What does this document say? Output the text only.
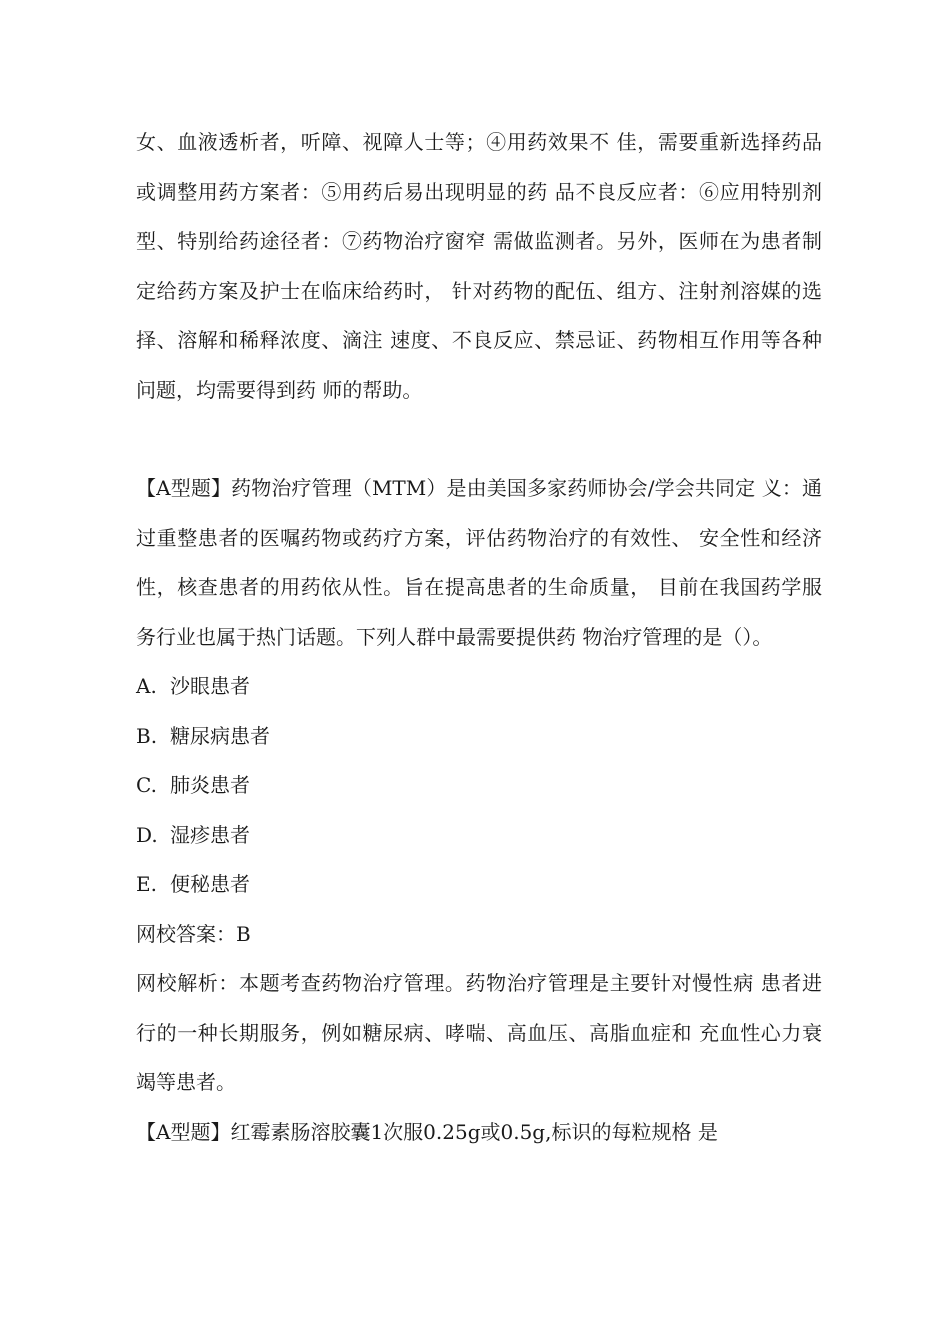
女、血液透析者，听障、视障人士等；④用药效果不 佳，需要重新选择药品或调整用药方案者：⑤用药后易出现明显的药 品不良反应者：⑥应用特别剂型、特别给药途径者：⑦药物治疗窗窄 需做监测者。另外，医师在为患者制定给药方案及护士在临床给药时， 针对药物的配伍、组方、注射剂溶媒的选择、溶解和稀释浓度、滴注 速度、不良反应、禁忌证、药物相互作用等各种问题，均需要得到药 师的帮助。

【A型题】药物治疗管理（MTM）是由美国多家药师协会/学会共同定 义：通过重整患者的医嘱药物或药疗方案，评估药物治疗的有效性、 安全性和经济性，核查患者的用药依从性。旨在提高患者的生命质量， 目前在我国药学服务行业也属于热门话题。下列人群中最需要提供药 物治疗管理的是（）。

A. 沙眼患者

B. 糖尿病患者

C. 肺炎患者

D. 湿疹患者

E. 便秘患者

网校答案：B

网校解析：本题考查药物治疗管理。药物治疗管理是主要针对慢性病 患者进行的一种长期服务，例如糖尿病、哮喘、高血压、高脂血症和 充血性心力衰竭等患者。

【A型题】红霉素肠溶胶囊1次服0.25g或0.5g,标识的每粒规格 是
